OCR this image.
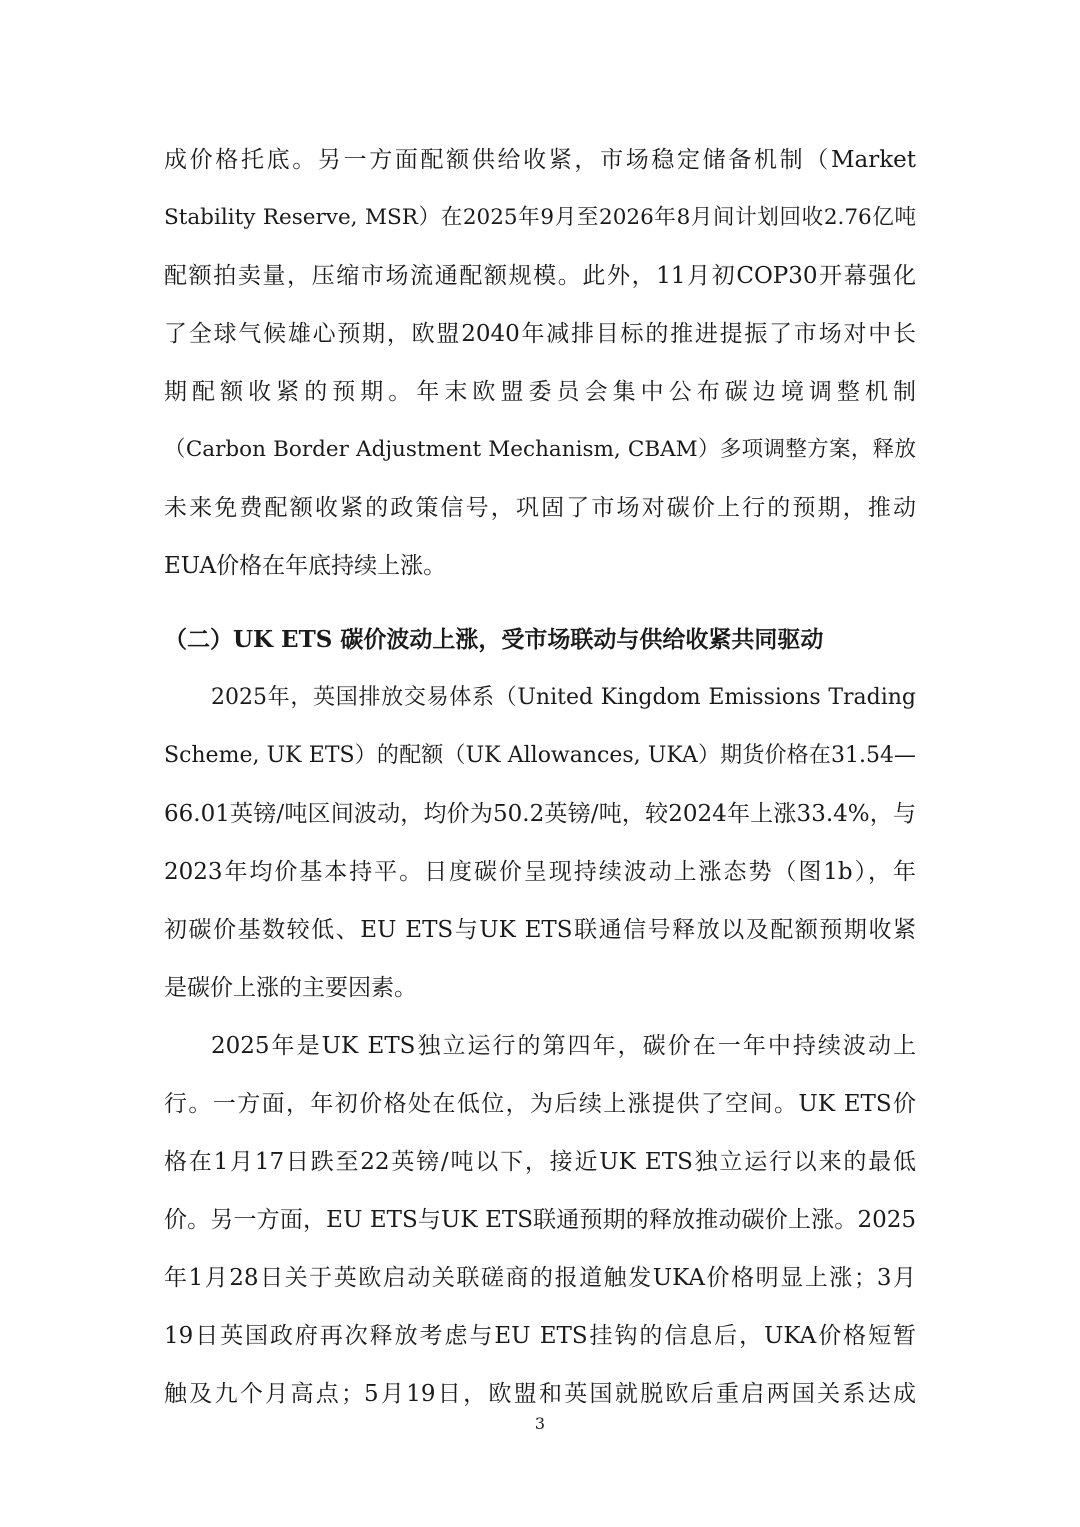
成价格托底。另一方面配额供给收紧，市场稳定储备机制（Market
Stability Reserve, MSR）在2025年9月至2026年8月间计划回收2.76亿吨
配额拍卖量，压缩市场流通配额规模。此外，11月初COP30开幕强化
了全球气候雄心预期，欧盟2040年减排目标的推进提振了市场对中长
期配额收紧的预期。年末欧盟委员会集中公布碳边境调整机制
（Carbon Border Adjustment Mechanism, CBAM）多项调整方案，释放
未来免费配额收紧的政策信号，巩固了市场对碳价上行的预期，推动
EUA价格在年底持续上涨。
（二）UK ETS 碳价波动上涨，受市场联动与供给收紧共同驱动
2025年，英国排放交易体系（United Kingdom Emissions Trading
Scheme, UK ETS）的配额（UK Allowances, UKA）期货价格在31.54—
66.01英镑/吨区间波动，均价为50.2英镑/吨，较2024年上涨33.4%，与
2023年均价基本持平。日度碳价呈现持续波动上涨态势（图1b），年
初碳价基数较低、EU ETS与UK ETS联通信号释放以及配额预期收紧
是碳价上涨的主要因素。
2025年是UK ETS独立运行的第四年，碳价在一年中持续波动上
行。一方面，年初价格处在低位，为后续上涨提供了空间。UK ETS价
格在1月17日跌至22英镑/吨以下，接近UK ETS独立运行以来的最低
价。另一方面，EU ETS与UK ETS联通预期的释放推动碳价上涨。2025
年1月28日关于英欧启动关联磋商的报道触发UKA价格明显上涨；3月
19日英国政府再次释放考虑与EU ETS挂钩的信息后，UKA价格短暂
触及九个月高点；5月19日，欧盟和英国就脱欧后重启两国关系达成
3
